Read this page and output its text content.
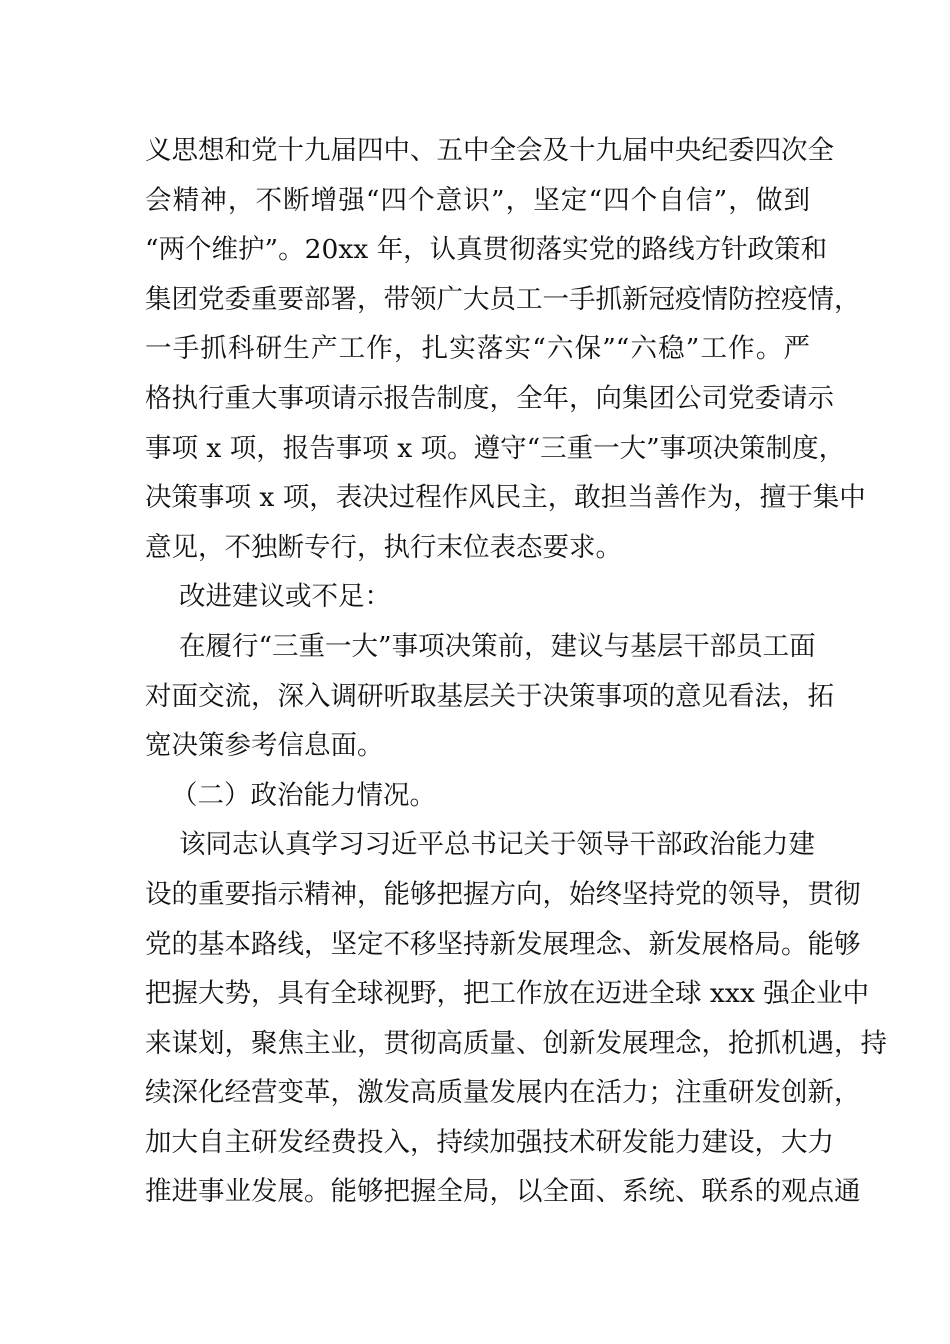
义思想和党十九届四中、五中全会及十九届中央纪委四次全
会精神，不断增强“四个意识”，坚定“四个自信”，做到
“两个维护”。20xx 年，认真贯彻落实党的路线方针政策和
集团党委重要部署，带领广大员工一手抓新冠疫情防控疫情，
一手抓科研生产工作，扎实落实“六保”“六稳”工作。严
格执行重大事项请示报告制度，全年，向集团公司党委请示
事项 x 项，报告事项 x 项。遵守“三重一大”事项决策制度，
决策事项 x 项，表决过程作风民主，敢担当善作为，擅于集中
意见，不独断专行，执行末位表态要求。
改进建议或不足：
在履行“三重一大”事项决策前，建议与基层干部员工面
对面交流，深入调研听取基层关于决策事项的意见看法，拓
宽决策参考信息面。
（二）政治能力情况。
该同志认真学习习近平总书记关于领导干部政治能力建
设的重要指示精神，能够把握方向，始终坚持党的领导，贯彻
党的基本路线，坚定不移坚持新发展理念、新发展格局。能够
把握大势，具有全球视野，把工作放在迈进全球 xxx 强企业中
来谋划，聚焦主业，贯彻高质量、创新发展理念，抢抓机遇，持
续深化经营变革，激发高质量发展内在活力；注重研发创新，
加大自主研发经费投入，持续加强技术研发能力建设，大力
推进事业发展。能够把握全局，以全面、系统、联系的观点通
